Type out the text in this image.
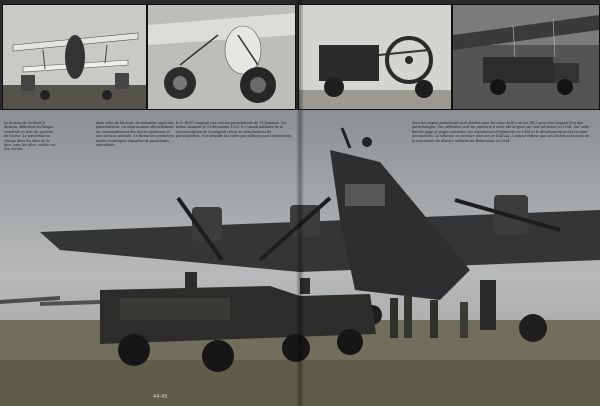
Le bureau de Gr-Brod à Moscou. Bâtiment technique construit en bois du quartier de l'usine. Le parachute se charge dans les ailes de la face, sous les ailes, visible sur ces clichés.
dans celui de Moscou. Ils menaient aussi des parachutistes, on avait nommé officiellement un commandement des forces aériennes et une section spéciale. Ce furent les premières unités soviétiques équipées de parachutes spécialisés.
le 3ᵉ BON comptait une section parachutiste de 76 hommes. Au même moment le 31 décembre 1932, le Conseil militaire de la circonscription de Leningrad créait un détachement de parachutistes. Une brigade fut créée par ailleurs pour l'instruction.
Tous les engins parachutés sont plantés avec les ailes du R-5 ou les TB-3 pour être largués lors des parachutages. Ces véhicules sont les premiers à avoir été largués par voie aérienne en 1934. Sur cette double page et pages suivantes, les manœuvres d'infanterie de 1934 et le développement des troupes aéroportées. Le véhicule en premier plan est un GAZ-AA. L'auteur estime que ces clichés sont issus de la manœuvre du district militaire de Biélorussie en 1934.
44-45
